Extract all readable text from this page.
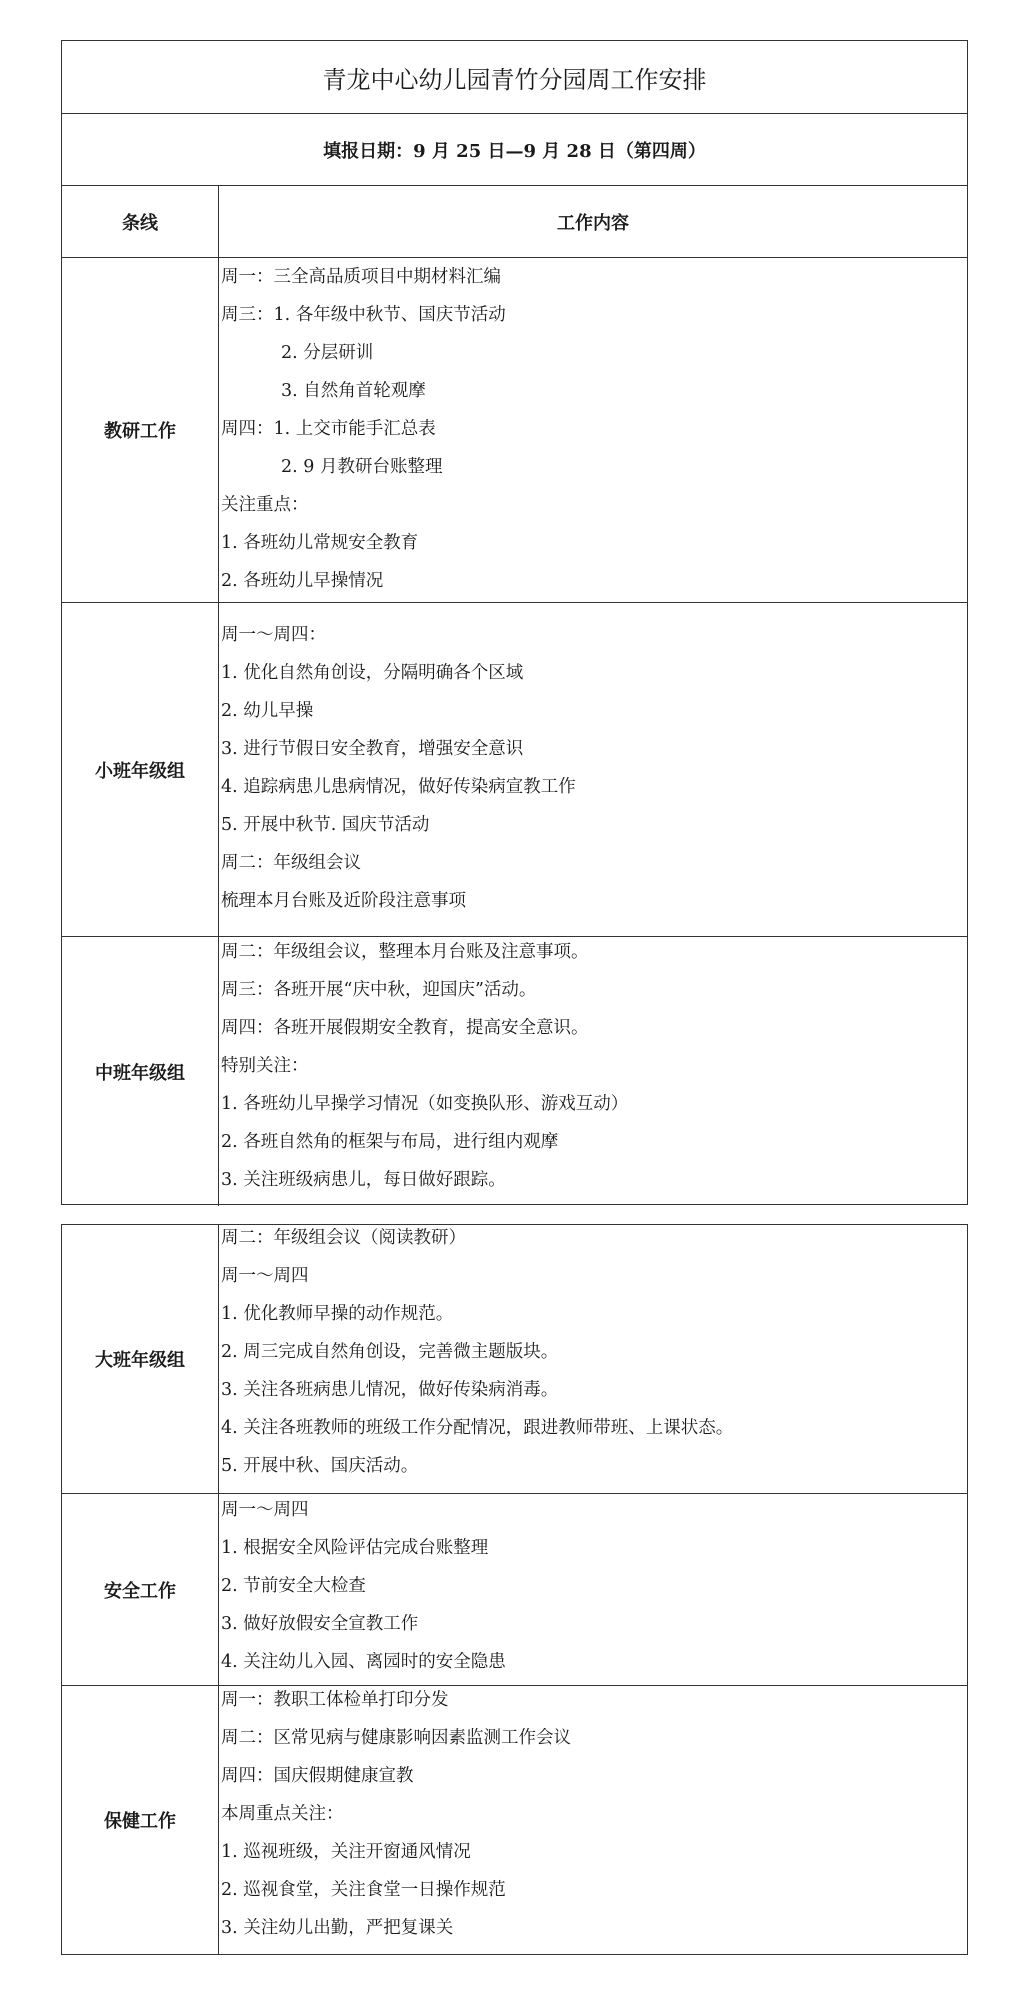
青龙中心幼儿园青竹分园周工作安排
填报日期：9 月 25 日—9 月 28 日（第四周）
条线	工作内容
教研工作
周一：三全高品质项目中期材料汇编
周三：1. 各年级中秋节、国庆节活动
2. 分层研训
3. 自然角首轮观摩
周四：1. 上交市能手汇总表
2. 9 月教研台账整理
关注重点：
1. 各班幼儿常规安全教育
2. 各班幼儿早操情况
小班年级组
周一～周四：
1. 优化自然角创设，分隔明确各个区域
2. 幼儿早操
3. 进行节假日安全教育，增强安全意识
4. 追踪病患儿患病情况，做好传染病宣教工作
5. 开展中秋节. 国庆节活动
周二：年级组会议
梳理本月台账及近阶段注意事项
中班年级组
周二：年级组会议，整理本月台账及注意事项。
周三：各班开展“庆中秋，迎国庆”活动。
周四：各班开展假期安全教育，提高安全意识。
特别关注：
1. 各班幼儿早操学习情况（如变换队形、游戏互动）
2. 各班自然角的框架与布局，进行组内观摩
3. 关注班级病患儿，每日做好跟踪。
大班年级组
周二：年级组会议（阅读教研）
周一～周四
1. 优化教师早操的动作规范。
2. 周三完成自然角创设，完善微主题版块。
3. 关注各班病患儿情况，做好传染病消毒。
4. 关注各班教师的班级工作分配情况，跟进教师带班、上课状态。
5. 开展中秋、国庆活动。
安全工作
周一～周四
1. 根据安全风险评估完成台账整理
2. 节前安全大检查
3. 做好放假安全宣教工作
4. 关注幼儿入园、离园时的安全隐患
保健工作
周一：教职工体检单打印分发
周二：区常见病与健康影响因素监测工作会议
周四：国庆假期健康宣教
本周重点关注：
1. 巡视班级，关注开窗通风情况
2. 巡视食堂，关注食堂一日操作规范
3. 关注幼儿出勤，严把复课关
